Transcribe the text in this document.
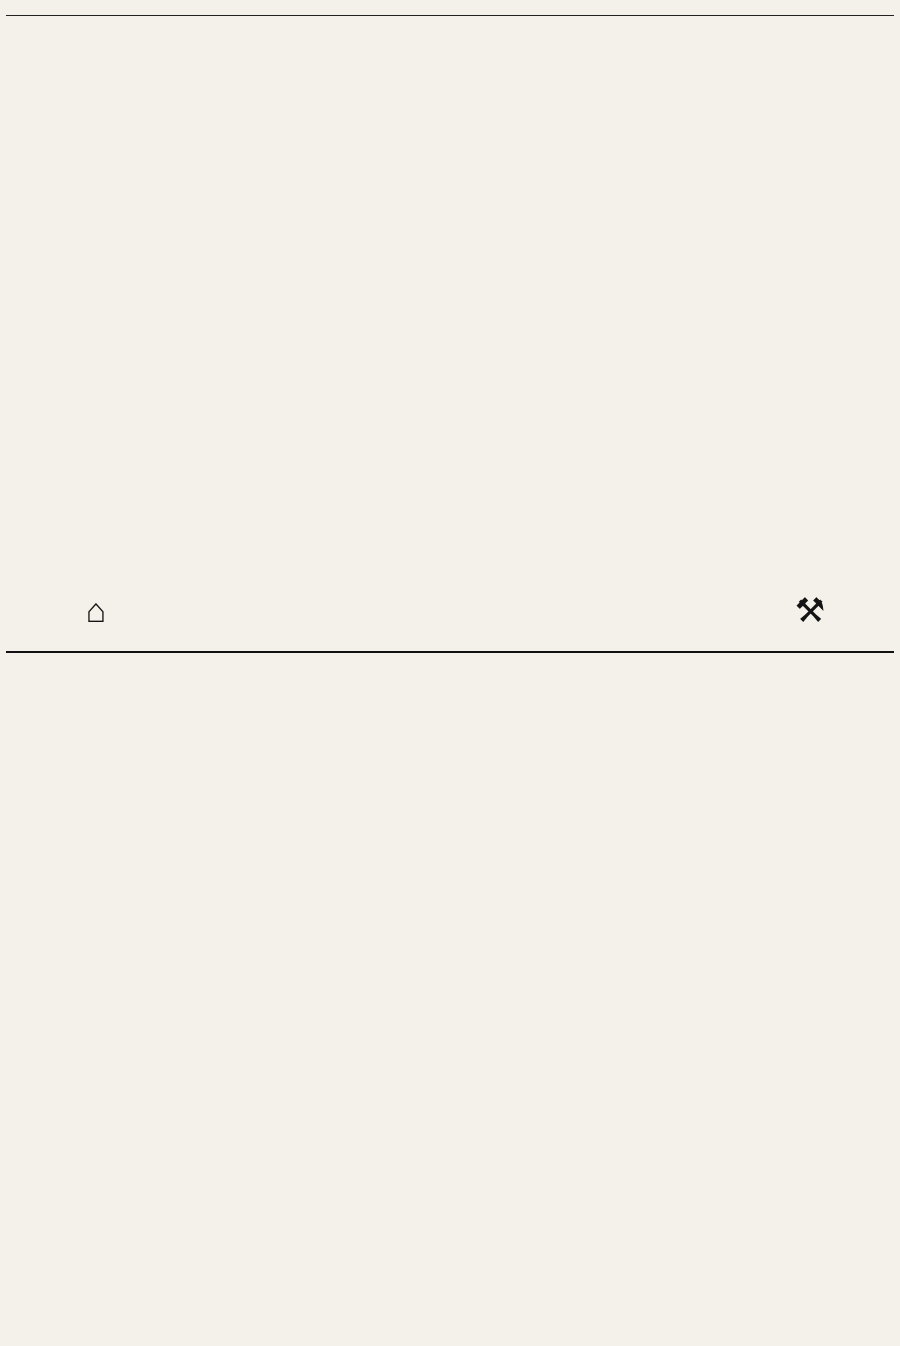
⌂	⚒
